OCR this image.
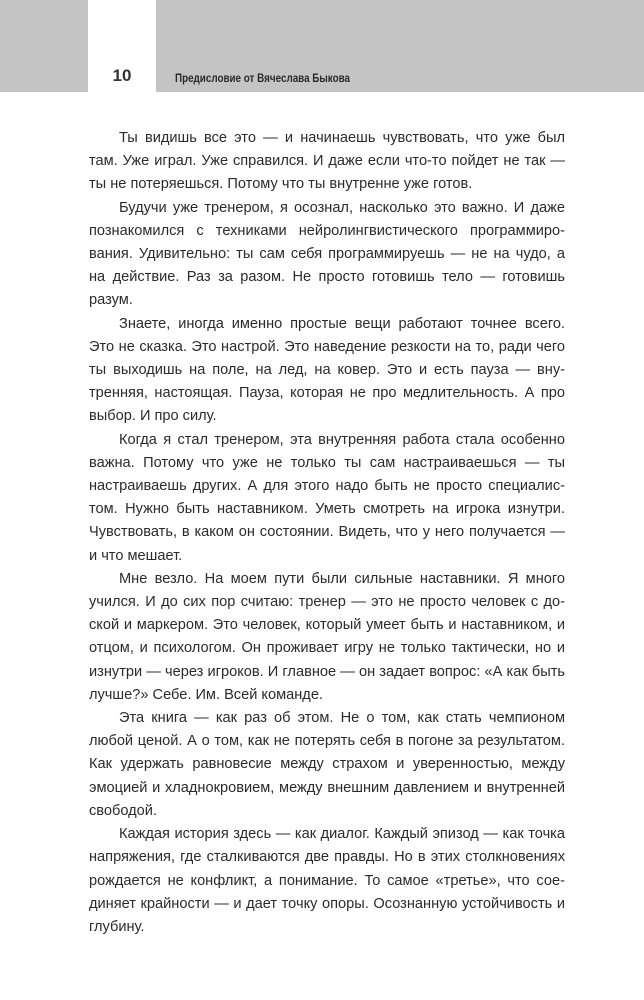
10	Предисловие от Вячеслава Быкова

Ты видишь все это — и начинаешь чувствовать, что уже был там. Уже играл. Уже справился. И даже если что-то пойдет не так — ты не потеряешься. Потому что ты внутренне уже готов.

Будучи уже тренером, я осознал, насколько это важно. И даже познакомился с техниками нейролингвистического программирования. Удивительно: ты сам себя программируешь — не на чудо, а на действие. Раз за разом. Не просто готовишь тело — готовишь разум.

Знаете, иногда именно простые вещи работают точнее всего. Это не сказка. Это настрой. Это наведение резкости на то, ради чего ты выходишь на поле, на лед, на ковер. Это и есть пауза — внутренняя, настоящая. Пауза, которая не про медлительность. А про выбор. И про силу.

Когда я стал тренером, эта внутренняя работа стала особенно важна. Потому что уже не только ты сам настраиваешься — ты настраиваешь других. А для этого надо быть не просто специалистом. Нужно быть наставником. Уметь смотреть на игрока изнутри. Чувствовать, в каком он состоянии. Видеть, что у него получается — и что мешает.

Мне везло. На моем пути были сильные наставники. Я много учился. И до сих пор считаю: тренер — это не просто человек с доской и маркером. Это человек, который умеет быть и наставником, и отцом, и психологом. Он проживает игру не только тактически, но и изнутри — через игроков. И главное — он задает вопрос: «А как быть лучше?» Себе. Им. Всей команде.

Эта книга — как раз об этом. Не о том, как стать чемпионом любой ценой. А о том, как не потерять себя в погоне за результатом. Как удержать равновесие между страхом и уверенностью, между эмоцией и хладнокровием, между внешним давлением и внутренней свободой.

Каждая история здесь — как диалог. Каждый эпизод — как точка напряжения, где сталкиваются две правды. Но в этих столкновениях рождается не конфликт, а понимание. То самое «третье», что соединяет крайности — и дает точку опоры. Осознанную устойчивость и глубину.
